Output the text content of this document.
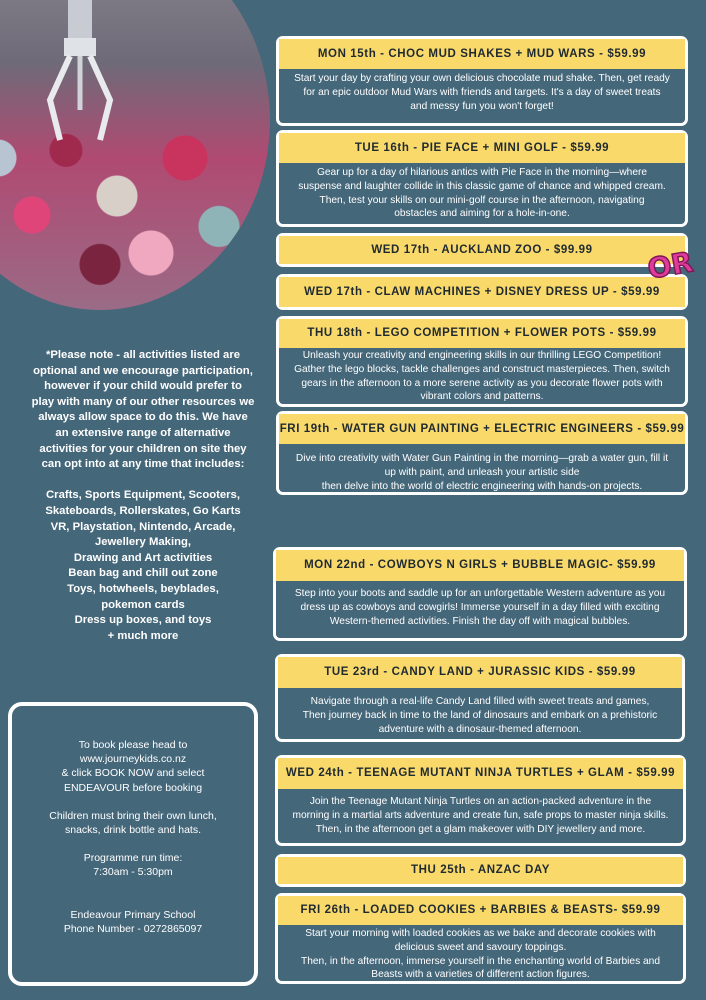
*Please note - all activities listed are

optional and we encourage participation,

however if your child would prefer to

play with many of our other resources we

always allow space to do this. We have

an extensive range of alternative

activities for your children on site they

can opt into at any time that includes:

Crafts, Sports Equipment, Scooters,

Skateboards, Rollerskates, Go Karts

VR, Playstation, Nintendo, Arcade,

Jewellery Making,

Drawing and Art activities

Bean bag and chill out zone

Toys, hotwheels, beyblades,

pokemon cards

Dress up boxes, and toys

+ much more

To book please head to

www.journeykids.co.nz

& click BOOK NOW and select

ENDEAVOUR before booking

Children must bring their own lunch,

snacks, drink bottle and hats.

Programme run time:

7:30am - 5:30pm

Endeavour Primary School

Phone Number - 0272865097

MON 15th - CHOC MUD SHAKES + MUD WARS - $59.99
Start your day by crafting your own delicious chocolate mud shake. Then, get ready
for an epic outdoor Mud Wars with friends and targets. It's a day of sweet treats
and messy fun you won't forget!
TUE 16th - PIE FACE + MINI GOLF - $59.99
Gear up for a day of hilarious antics with Pie Face in the morning—where
suspense and laughter collide in this classic game of chance and whipped cream.
Then, test your skills on our mini-golf course in the afternoon, navigating
obstacles and aiming for a hole-in-one.
WED 17th - AUCKLAND ZOO - $99.99
WED 17th - CLAW MACHINES + DISNEY DRESS UP - $59.99
OR
THU 18th - LEGO COMPETITION + FLOWER POTS - $59.99
Unleash your creativity and engineering skills in our thrilling LEGO Competition!
Gather the lego blocks, tackle challenges and construct masterpieces. Then, switch
gears in the afternoon to a more serene activity as you decorate flower pots with
vibrant colors and patterns.
FRI 19th - WATER GUN PAINTING + ELECTRIC ENGINEERS - $59.99
Dive into creativity with Water Gun Painting in the morning—grab a water gun, fill it
up with paint, and unleash your artistic side
then delve into the world of electric engineering with hands-on projects.
MON 22nd - COWBOYS N GIRLS + BUBBLE MAGIC- $59.99
Step into your boots and saddle up for an unforgettable Western adventure as you
dress up as cowboys and cowgirls! Immerse yourself in a day filled with exciting
Western-themed activities. Finish the day off with magical bubbles.
TUE 23rd - CANDY LAND + JURASSIC KIDS - $59.99
Navigate through a real-life Candy Land filled with sweet treats and games,
Then journey back in time to the land of dinosaurs and embark on a prehistoric
adventure with a dinosaur-themed afternoon.
WED 24th - TEENAGE MUTANT NINJA TURTLES + GLAM - $59.99
Join the Teenage Mutant Ninja Turtles on an action-packed adventure in the
morning in a martial arts adventure and create fun, safe props to master ninja skills.
Then, in the afternoon get a glam makeover with DIY jewellery and more.
THU 25th - ANZAC DAY
FRI 26th - LOADED COOKIES + BARBIES & BEASTS- $59.99
Start your morning with loaded cookies as we bake and decorate cookies with
delicious sweet and savoury toppings.
Then, in the afternoon, immerse yourself in the enchanting world of Barbies and
Beasts with a varieties of different action figures.
